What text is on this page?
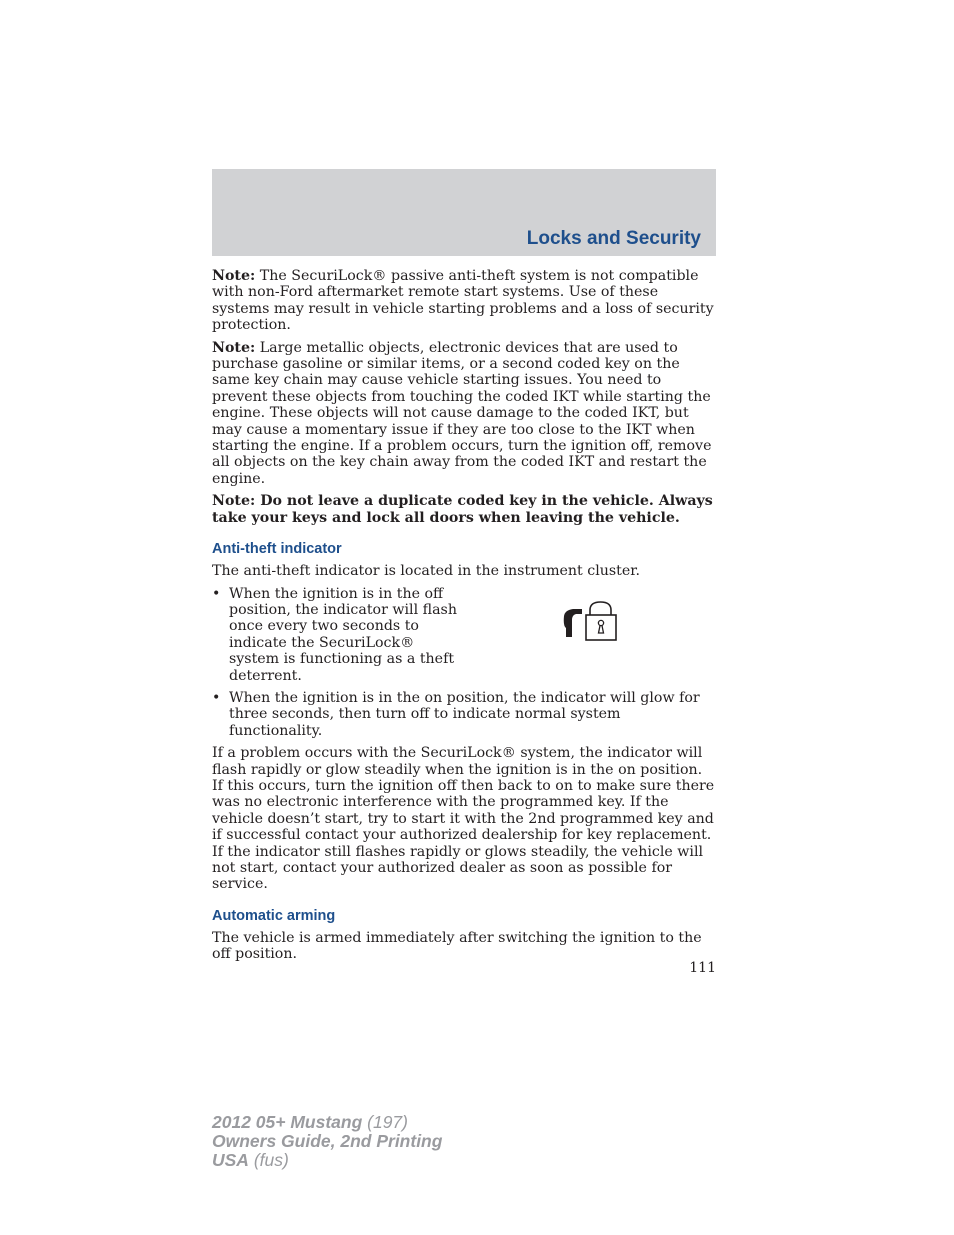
Locks and Security

Note: The SecuriLock® passive anti-theft system is not compatible with non-Ford aftermarket remote start systems. Use of these systems may result in vehicle starting problems and a loss of security protection.

Note: Large metallic objects, electronic devices that are used to purchase gasoline or similar items, or a second coded key on the same key chain may cause vehicle starting issues. You need to prevent these objects from touching the coded IKT while starting the engine. These objects will not cause damage to the coded IKT, but may cause a momentary issue if they are too close to the IKT when starting the engine. If a problem occurs, turn the ignition off, remove all objects on the key chain away from the coded IKT and restart the engine.

Note: Do not leave a duplicate coded key in the vehicle. Always take your keys and lock all doors when leaving the vehicle.

Anti-theft indicator

The anti-theft indicator is located in the instrument cluster.

• When the ignition is in the off position, the indicator will flash once every two seconds to indicate the SecuriLock® system is functioning as a theft deterrent.
• When the ignition is in the on position, the indicator will glow for three seconds, then turn off to indicate normal system functionality.

If a problem occurs with the SecuriLock® system, the indicator will flash rapidly or glow steadily when the ignition is in the on position. If this occurs, turn the ignition off then back to on to make sure there was no electronic interference with the programmed key. If the vehicle doesn’t start, try to start it with the 2nd programmed key and if successful contact your authorized dealership for key replacement. If the indicator still flashes rapidly or glows steadily, the vehicle will not start, contact your authorized dealer as soon as possible for service.

Automatic arming

The vehicle is armed immediately after switching the ignition to the off position.

111
2012 05+ Mustang (197)
Owners Guide, 2nd Printing
USA (fus)
